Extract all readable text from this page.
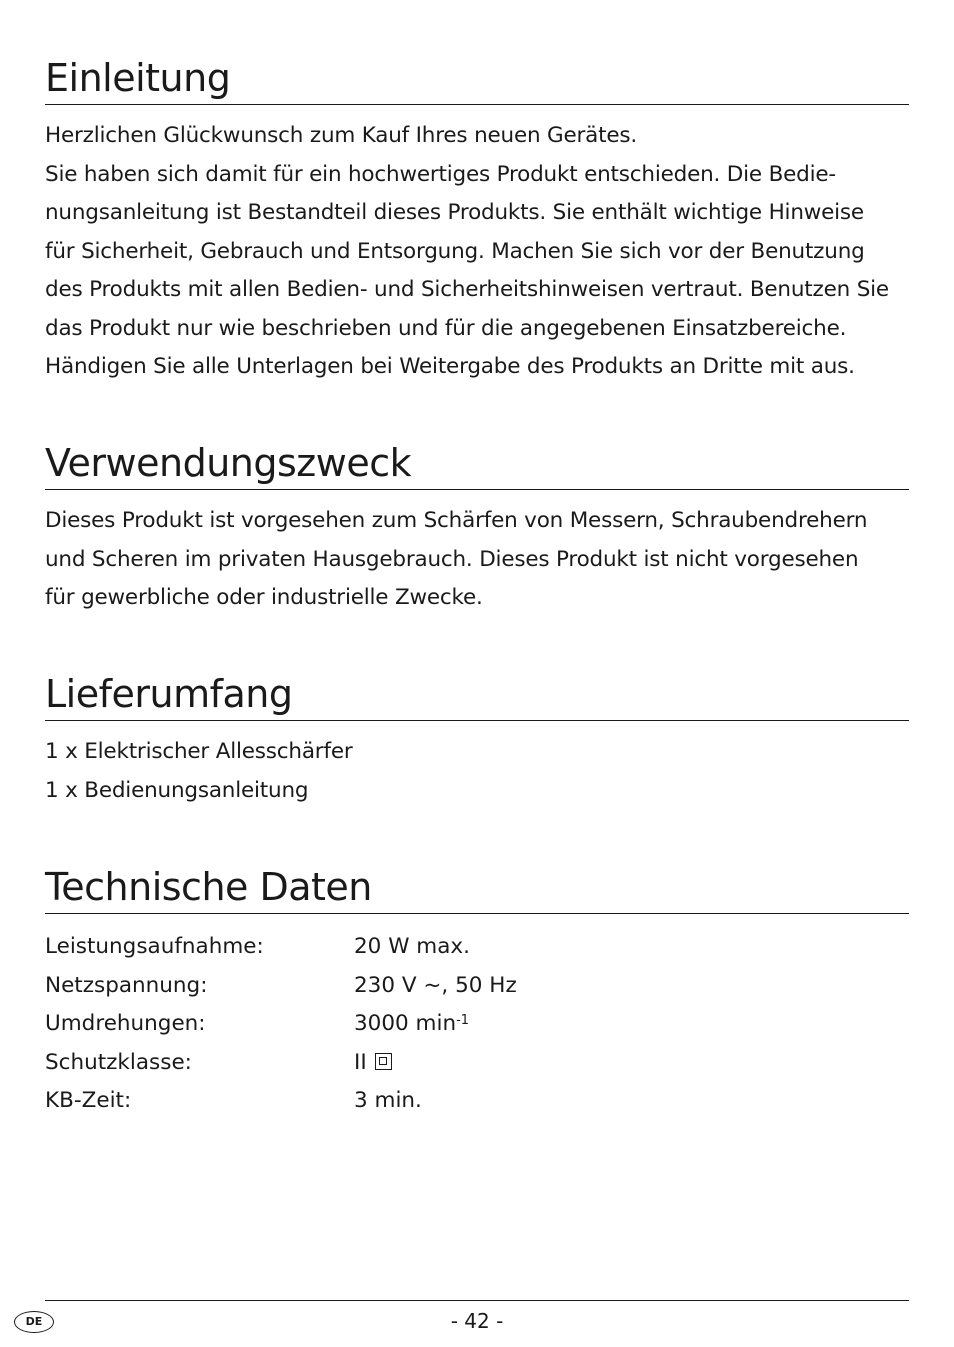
Einleitung

Herzlichen Glückwunsch zum Kauf Ihres neuen Gerätes.
Sie haben sich damit für ein hochwertiges Produkt entschieden. Die Bedie-
nungsanleitung ist Bestandteil dieses Produkts. Sie enthält wichtige Hinweise
für Sicherheit, Gebrauch und Entsorgung. Machen Sie sich vor der Benutzung
des Produkts mit allen Bedien- und Sicherheitshinweisen vertraut. Benutzen Sie
das Produkt nur wie beschrieben und für die angegebenen Einsatzbereiche.
Händigen Sie alle Unterlagen bei Weitergabe des Produkts an Dritte mit aus.

Verwendungszweck

Dieses Produkt ist vorgesehen zum Schärfen von Messern, Schraubendrehern
und Scheren im privaten Hausgebrauch. Dieses Produkt ist nicht vorgesehen
für gewerbliche oder industrielle Zwecke.

Lieferumfang

1 x Elektrischer Allesschärfer
1 x Bedienungsanleitung

Technische Daten
Leistungsaufnahme:	20 W max.
Netzspannung:	230 V ~, 50 Hz
Umdrehungen:	3000 $\min^{-1}$
Schutzklasse:	II
KB-Zeit:	3 min.
DE	- 42 -
